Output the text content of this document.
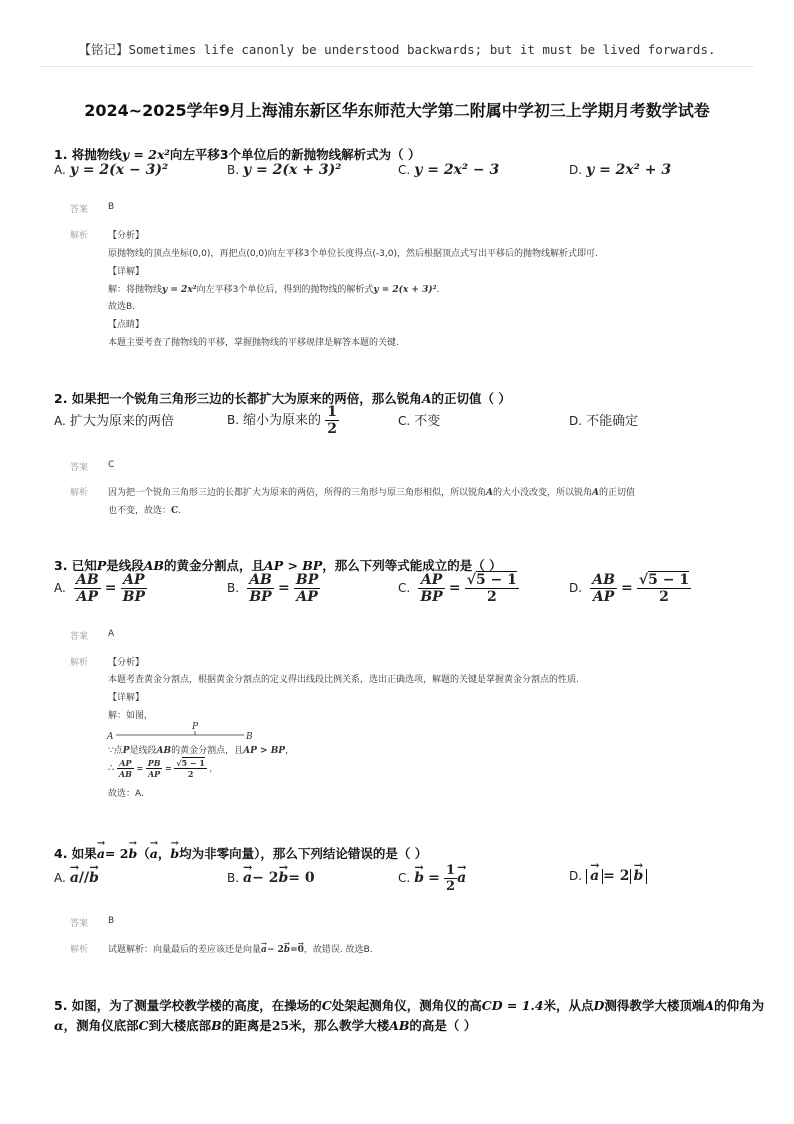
【铭记】Sometimes life canonly be understood backwards; but it must be lived forwards.
2024~2025学年9月上海浦东新区华东师范大学第二附属中学初三上学期月考数学试卷
1. 将抛物线y = 2x²向左平移3个单位后的新抛物线解析式为（ ）
A. y = 2(x − 3)²	B. y = 2(x + 3)²	C. y = 2x² − 3	D. y = 2x² + 3
答案 B
解析 【分析】
原抛物线的顶点坐标(0,0)，再把点(0,0)向左平移3个单位长度得点(-3,0)，然后根据顶点式写出平移后的抛物线解析式即可.
【详解】
解：将抛物线y = 2x²向左平移3个单位后，得到的抛物线的解析式y = 2(x + 3)².
故选B.
【点睛】
本题主要考查了抛物线的平移，掌握抛物线的平移规律是解答本题的关键.
2. 如果把一个锐角三角形三边的长都扩大为原来的两倍，那么锐角A的正切值（ ）
A. 扩大为原来的两倍	B. 缩小为原来的 $\frac{1}{2}$	C. 不变	D. 不能确定
答案 C
解析 因为把一个锐角三角形三边的长都扩大为原来的两倍，所得的三角形与原三角形相似，所以锐角A的大小没改变，所以锐角A的正切值
也不变，故选：C.
3. 已知P是线段AB的黄金分割点，且AP > BP，那么下列等式能成立的是（ ）
A. $\frac{AB}{AP} = \frac{AP}{BP}$	B. $\frac{AB}{BP} = \frac{BP}{AP}$	C. $\frac{AP}{BP} = \frac{√5 - 1}{2}$	D. $\frac{AB}{AP} = \frac{√5 - 1}{2}$
答案 A
解析 【分析】
本题考查黄金分割点，根据黄金分割点的定义得出线段比例关系，选出正确选项，解题的关键是掌握黄金分割点的性质.
【详解】
解：如图，
A
P
B
∵点P是线段AB的黄金分割点，且AP > BP，
∴ $\frac{AP}{AB} = \frac{PB}{AP} = \frac{√5 - 1}{2}$ ，
故选：A.
4. 如果→ a= 2→ b（→ a，→ b均为非零向量），那么下列结论错误的是（ ）
A.→ a//→ b	B.→ a− 2→ b= 0	$C.\to b = \frac{1}{2}$
→ a	D.→ a = 2→ b
答案 B
解析 试题解析：向量最后的差应该还是向量→ a− 2→ b=→ 0，故错误. 故选B.
5. 如图，为了测量学校教学楼的高度，在操场的C处架起测角仪，测角仪的高CD = 1.4米，从点D测得教学大楼顶端A的仰角为
α，测角仪底部C到大楼底部B的距离是25米，那么教学大楼AB的高是（ ）
